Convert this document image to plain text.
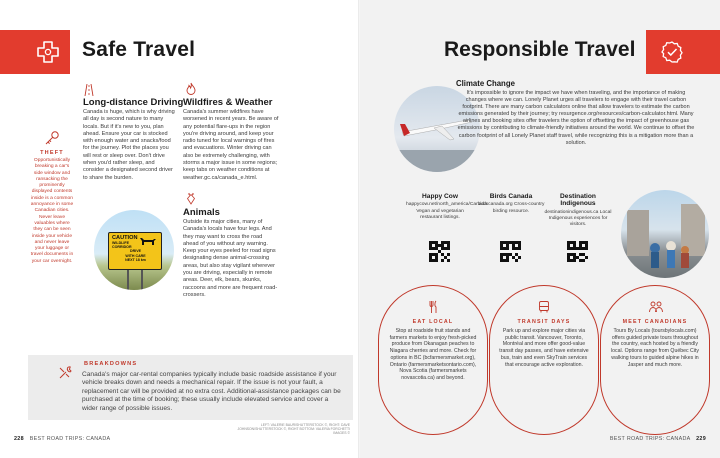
Safe Travel
Long-distance Driving
Canada is huge, which is why driving all day is second nature to many locals. But if it's new to you, plan ahead. Ensure your car is stocked with enough water and snacks/food for the journey. Plot the places you will rest or sleep over. Don't drive when you'd rather sleep, and consider a designated second driver to share the burden.
Wildfires & Weather
Canada's summer wildfires have worsened in recent years. Be aware of any potential flare-ups in the region you're driving around, and keep your radio tuned for local warnings of fires and evacuations. Winter driving can also be extremely challenging, with storms a major issue in some regions; keep tabs on weather conditions at weather.gc.ca/canada_e.html.
Animals
Outside its major cities, many of Canada's locals have four legs. And they may want to cross the road ahead of you without any warning. Keep your eyes peeled for road signs designating dense animal-crossing areas, but also stay vigilant wherever you are driving, especially in remote areas. Deer, elk, bears, skunks, raccoons and more are frequent road-crossers.
THEFT
Opportunistically breaking a car's side window and ransacking the prominently displayed contents inside is a common annoyance in some Canadian cities. Never leave valuables where they can be seen inside your vehicle and never leave your luggage or travel documents in your car overnight.
CAUTION
WILDLIFE
CORRIDOR
DRIVE
WITH CARE
NEXT 18 km
BREAKDOWNS
Canada's major car-rental companies typically include basic roadside assistance if your vehicle breaks down and needs a mechanical repair. If the issue is not your fault, a replacement car will be provided at no extra cost. Additional-assistance packages can be purchased at the time of booking; these usually include elevated service and cover a wider range of possible issues.
LEFT: VALERIE BAUR/SHUTTERSTOCK ©, RIGHT: DAVE JOHNSON/SHUTTERSTOCK ©, RIGHT BOTTOM: VALERIA FORCHETTI IMAGES ©
228 BEST ROAD TRIPS: CANADA
Responsible Travel
Climate Change
It's impossible to ignore the impact we have when traveling, and the importance of making changes where we can. Lonely Planet urges all travelers to engage with their travel carbon footprint. There are many carbon calculators online that allow travelers to estimate the carbon emissions generated by their journey; try resurgence.org/resources/carbon-calculator.html. Many airlines and booking sites offer travelers the option of offsetting the impact of greenhouse gas emissions by contributing to climate-friendly initiatives around the world. We continue to offset the carbon footprint of all Lonely Planet staff travel, while recognizing this is a mitigation more than a solution.
Happy Cow
happycow.net/north_america/Canada Vegan and vegetarian restaurant listings.
Birds Canada
birdscanada.org Cross-country birding resource.
Destination Indigenous
destinationindigenous.ca Local Indigenous experiences for visitors.
EAT LOCAL
Stop at roadside fruit stands and farmers markets to enjoy fresh-picked produce from Okanagan peaches to Niagara cherries and more. Check for options in BC (bcfarmersmarket.org), Ontario (farmersmarketsontario.com), Nova Scotia (farmersmarkets novascotia.ca) and beyond.
TRANSIT DAYS
Park up and explore major cities via public transit. Vancouver, Toronto, Montréal and more offer good-value transit day passes, and have extensive bus, train and even SkyTrain services that encourage active exploration.
MEET CANADIANS
Tours By Locals (toursbylocals.com) offers guided private tours throughout the country, each hosted by a friendly local. Options range from Québec City walking tours to guided alpine hikes in Jasper and much more.
BEST ROAD TRIPS: CANADA 229
